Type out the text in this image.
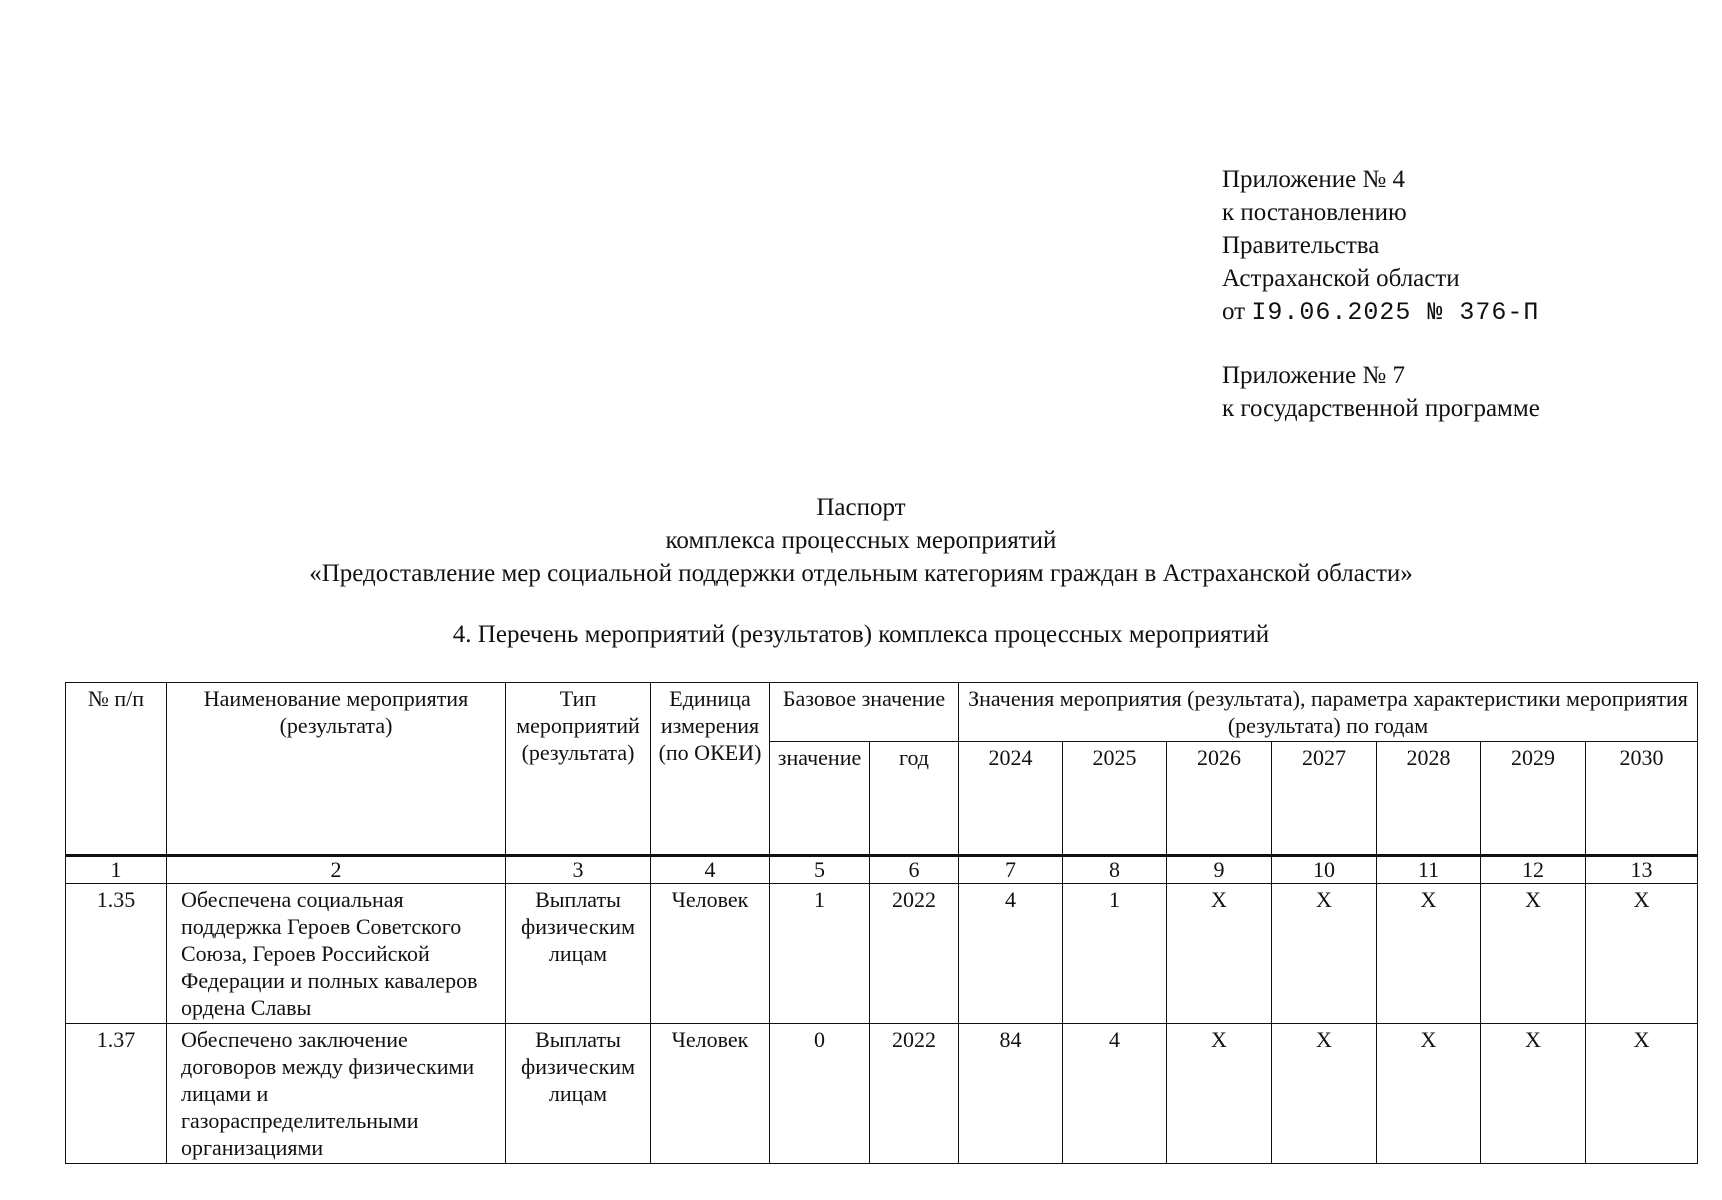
Приложение № 4
к постановлению
Правительства
Астраханской области
от I9.06.2025 № 376-П
Приложение № 7
к государственной программе
Паспорт
комплекса процессных мероприятий
«Предоставление мер социальной поддержки отдельным категориям граждан в Астраханской области»
4. Перечень мероприятий (результатов) комплекса процессных мероприятий
№ п/п	Наименование мероприятия (результата)	Тип мероприятий (результата)	Единица измерения (по ОКЕИ)	Базовое значение		Значения мероприятия (результата), параметра характеристики мероприятия (результата) по годам						
				значение	год	2024	2025	2026	2027	2028	2029	2030
1	2	3	4	5	6	7	8	9	10	11	12	13
1.35	Обеспечена социальная поддержка Героев Советского Союза, Героев Российской Федерации и полных кавалеров ордена Славы	Выплаты физическим лицам	Человек	1	2022	4	1	X	X	X	X	X
1.37	Обеспечено заключение договоров между физическими лицами и газораспределительными организациями	Выплаты физическим лицам	Человек	0	2022	84	4	X	X	X	X	X
